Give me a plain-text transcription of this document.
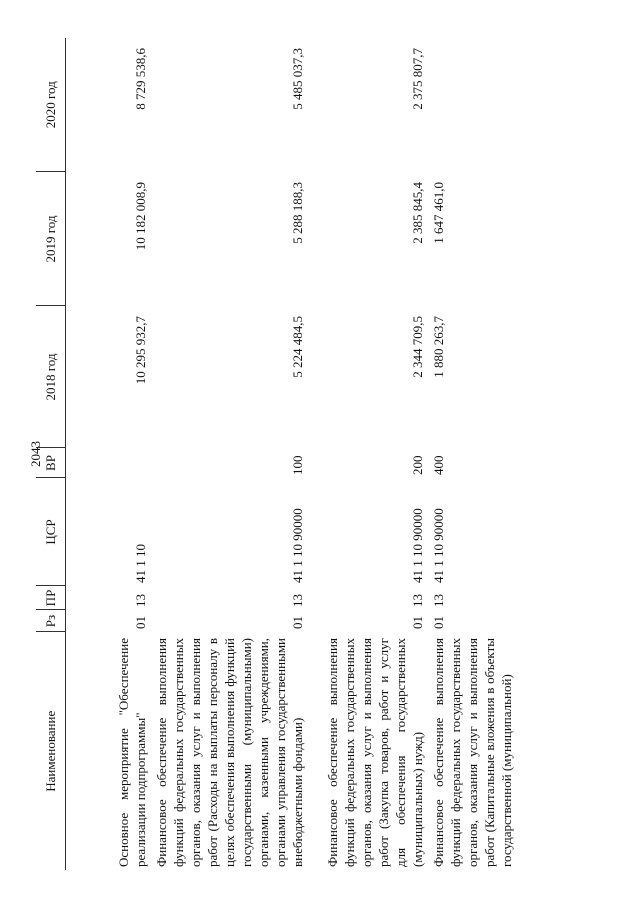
2043
Наименование	Рз	ПР	ЦСР	ВР	2018 год	2019 год	2020 год
Основное мероприятие "Обеспечение реализации подпрограммы"	01	13	41 1 10		10 295 932,7	10 182 008,9	8 729 538,6
Финансовое обеспечение выполнения функций федеральных государственных органов, оказания услуг и выполнения работ (Расходы на выплаты персоналу в целях обеспечения выполнения функций государственными (муниципальными) органами, казенными учреждениями, органами управления государственными внебюджетными фондами)	01	13	41 1 10 90000	100	5 224 484,5	5 288 188,3	5 485 037,3
Финансовое обеспечение выполнения функций федеральных государственных органов, оказания услуг и выполнения работ (Закупка товаров, работ и услуг для обеспечения государственных (муниципальных) нужд)	01	13	41 1 10 90000	200	2 344 709,5	2 385 845,4	2 375 807,7
Финансовое обеспечение выполнения функций федеральных государственных органов, оказания услуг и выполнения работ (Капитальные вложения в объекты государственной (муниципальной)	01	13	41 1 10 90000	400	1 880 263,7	1 647 461,0	
